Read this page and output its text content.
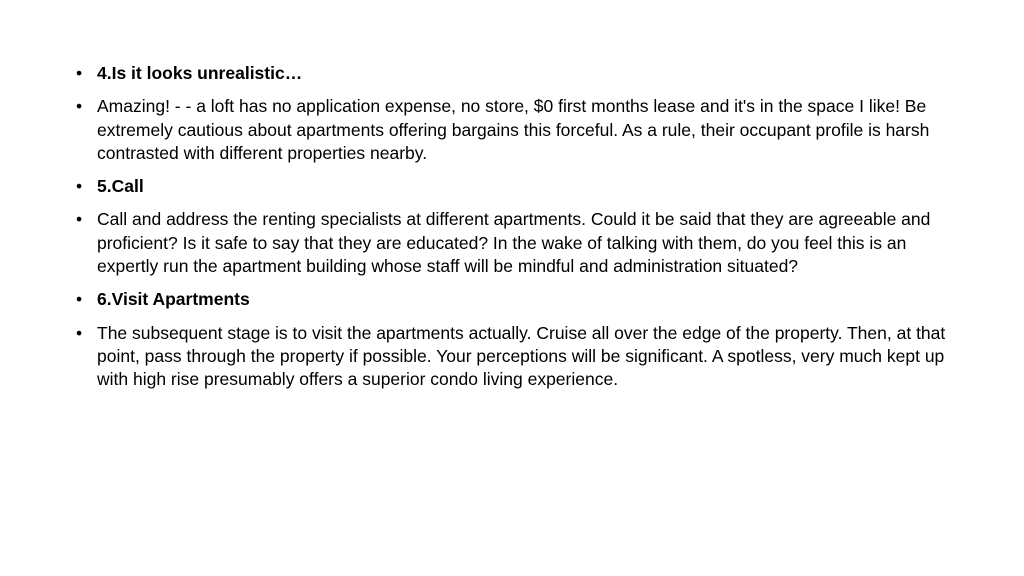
• 4.Is it looks unrealistic…
• Amazing! - - a loft has no application expense, no store, $0 first months lease and it's in the space I like! Be extremely cautious about apartments offering bargains this forceful. As a rule, their occupant profile is harsh contrasted with different properties nearby.
• 5.Call
• Call and address the renting specialists at different apartments. Could it be said that they are agreeable and proficient? Is it safe to say that they are educated? In the wake of talking with them, do you feel this is an expertly run the apartment building whose staff will be mindful and administration situated?
• 6.Visit Apartments
• The subsequent stage is to visit the apartments actually. Cruise all over the edge of the property. Then, at that point, pass through the property if possible. Your perceptions will be significant. A spotless, very much kept up with high rise presumably offers a superior condo living experience.
